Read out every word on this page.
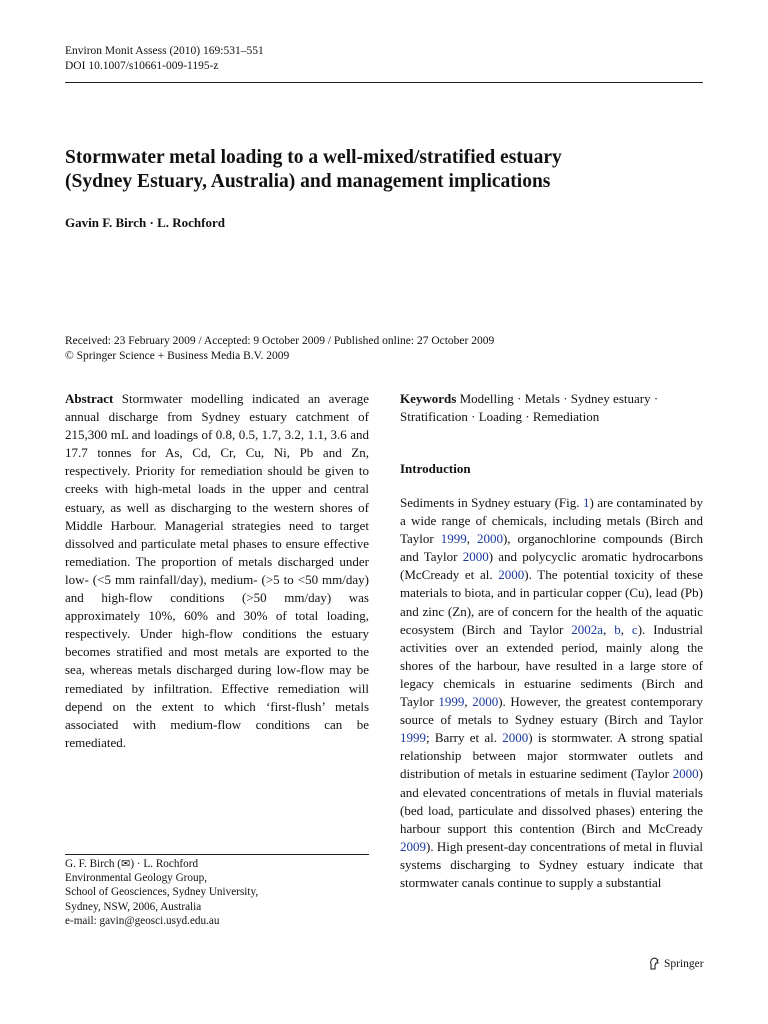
Environ Monit Assess (2010) 169:531–551
DOI 10.1007/s10661-009-1195-z
Stormwater metal loading to a well-mixed/stratified estuary
(Sydney Estuary, Australia) and management implications
Gavin F. Birch · L. Rochford
Received: 23 February 2009 / Accepted: 9 October 2009 / Published online: 27 October 2009
© Springer Science + Business Media B.V. 2009
Abstract Stormwater modelling indicated an average annual discharge from Sydney estuary catchment of 215,300 mL and loadings of 0.8, 0.5, 1.7, 3.2, 1.1, 3.6 and 17.7 tonnes for As, Cd, Cr, Cu, Ni, Pb and Zn, respectively. Priority for remediation should be given to creeks with high-metal loads in the upper and central estuary, as well as discharging to the western shores of Middle Harbour. Managerial strategies need to target dissolved and particulate metal phases to ensure effective remediation. The proportion of metals discharged under low- (<5 mm rainfall/day), medium- (>5 to <50 mm/day) and high-flow conditions (>50 mm/day) was approximately 10%, 60% and 30% of total loading, respectively. Under high-flow conditions the estuary becomes stratified and most metals are exported to the sea, whereas metals discharged during low-flow may be remediated by infiltration. Effective remediation will depend on the extent to which ‘first-flush’ metals associated with medium-flow conditions can be remediated.
Keywords Modelling · Metals · Sydney estuary · Stratification · Loading · Remediation
Introduction
Sediments in Sydney estuary (Fig. 1) are contaminated by a wide range of chemicals, including metals (Birch and Taylor 1999, 2000), organochlorine compounds (Birch and Taylor 2000) and polycyclic aromatic hydrocarbons (McCready et al. 2000). The potential toxicity of these materials to biota, and in particular copper (Cu), lead (Pb) and zinc (Zn), are of concern for the health of the aquatic ecosystem (Birch and Taylor 2002a, b, c). Industrial activities over an extended period, mainly along the shores of the harbour, have resulted in a large store of legacy chemicals in estuarine sediments (Birch and Taylor 1999, 2000). However, the greatest contemporary source of metals to Sydney estuary (Birch and Taylor 1999; Barry et al. 2000) is stormwater. A strong spatial relationship between major stormwater outlets and distribution of metals in estuarine sediment (Taylor 2000) and elevated concentrations of metals in fluvial materials (bed load, particulate and dissolved phases) entering the harbour support this contention (Birch and McCready 2009). High present-day concentrations of metal in fluvial systems discharging to Sydney estuary indicate that stormwater canals continue to supply a substantial
G. F. Birch (✉) · L. Rochford
Environmental Geology Group,
School of Geosciences, Sydney University,
Sydney, NSW, 2006, Australia
e-mail: gavin@geosci.usyd.edu.au
Springer
